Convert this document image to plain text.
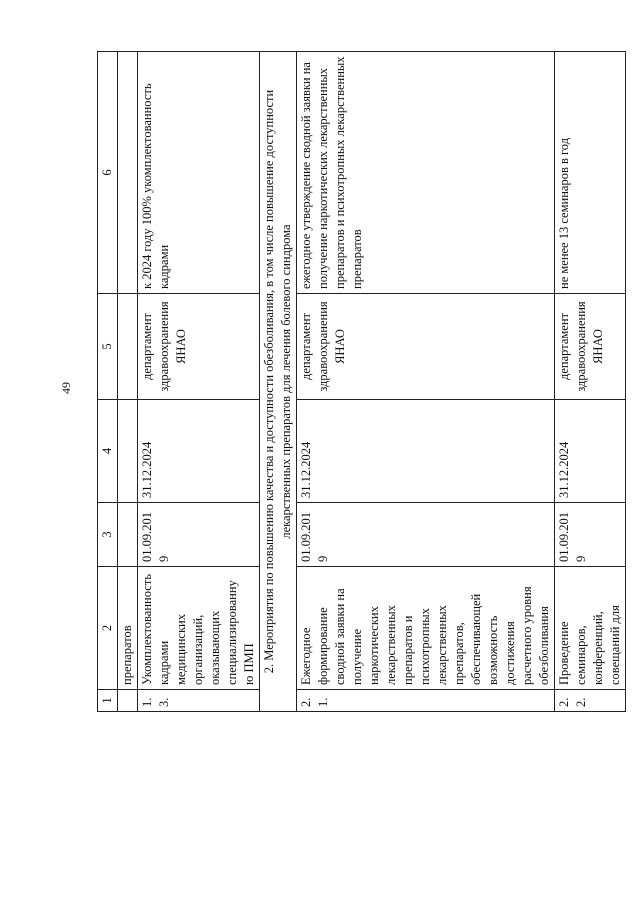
49
1	2	3	4	5	6
	препаратов				
1.3.	Укомплектованность кадрами медицинских организаций, оказывающих специализированную ПМП	01.09.2019	31.12.2024	департамент здравоохранения ЯНАО	к 2024 году 100% укомплектованность кадрами
2. Мероприятия по повышению качества и доступности обезболивания, в том числе повышение доступности лекарственных препаратов для лечения болевого синдрома					
2.1.	Ежегодное формирование сводной заявки на получение наркотических лекарственных препаратов и психотропных лекарственных препаратов, обеспечивающей возможность достижения расчетного уровня обезболивания	01.09.2019	31.12.2024	департамент здравоохранения ЯНАО	ежегодное утверждение сводной заявки на получение наркотических лекарственных препаратов и психотропных лекарственных препаратов
2.2.	Проведение семинаров, конференций, совещаний для	01.09.2019	31.12.2024	департамент здравоохранения ЯНАО	не менее 13 семинаров в год
